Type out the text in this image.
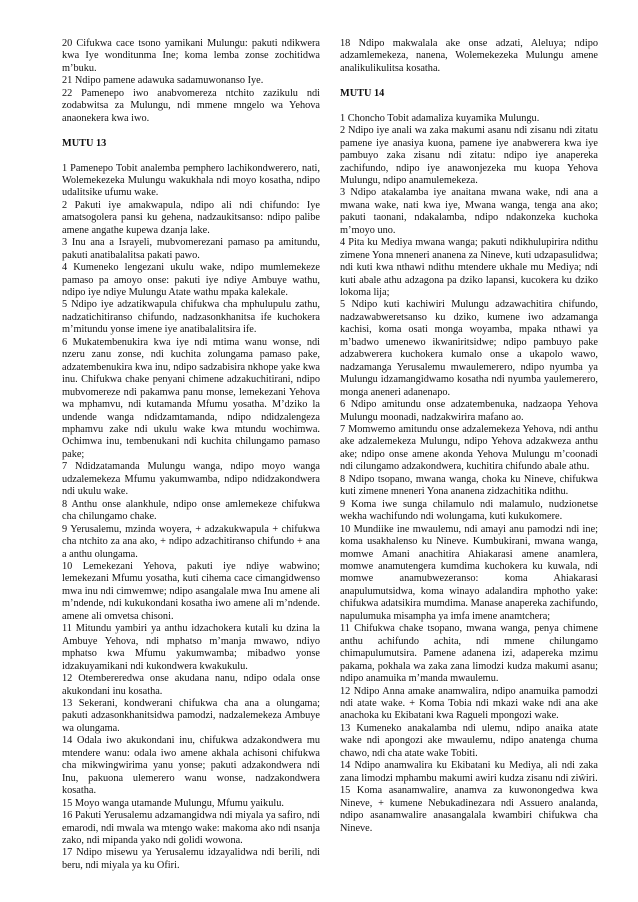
20 Cifukwa cace tsono yamikani Mulungu: pakuti ndikwera kwa Iye wonditunma Ine; koma lemba zonse zochitidwa m’buku.

21 Ndipo pamene adawuka sadamuwonanso Iye.

22 Pamenepo iwo anabvomereza ntchito zazikulu ndi zodabwitsa za Mulungu, ndi mmene mngelo wa Yehova anaonekera kwa iwo.

MUTU 13

1 Pamenepo Tobit analemba pemphero lachikondwerero, nati, Wolemekezeka Mulungu wakukhala ndi moyo kosatha, ndipo udalitsike ufumu wake.

2 Pakuti iye amakwapula, ndipo ali ndi chifundo: Iye amatsogolera pansi ku gehena, nadzaukitsanso: ndipo palibe amene angathe kupewa dzanja lake.

3 Inu ana a Israyeli, mubvomerezani pamaso pa amitundu, pakuti anatibalalitsa pakati pawo.

4 Kumeneko lengezani ukulu wake, ndipo mumlemekeze pamaso pa amoyo onse: pakuti iye ndiye Ambuye wathu, ndipo iye ndiye Mulungu Atate wathu mpaka kalekale.

5 Ndipo iye adzatikwapula chifukwa cha mphulupulu zathu, nadzatichitiranso chifundo, nadzasonkhanitsa ife kuchokera m’mitundu yonse imene iye anatibalalitsira ife.

6 Mukatembenukira kwa iye ndi mtima wanu wonse, ndi nzeru zanu zonse, ndi kuchita zolungama pamaso pake, adzatembenukira kwa inu, ndipo sadzabisira nkhope yake kwa inu. Chifukwa chake penyani chimene adzakuchitirani, ndipo mubvomereze ndi pakamwa panu monse, lemekezani Yehova wa mphamvu, ndi kutamanda Mfumu yosatha. M’dziko la undende wanga ndidzamtamanda, ndipo ndidzalengeza mphamvu zake ndi ukulu wake kwa mtundu wochimwa. Ochimwa inu, tembenukani ndi kuchita chilungamo pamaso pake;

7 Ndidzatamanda Mulungu wanga, ndipo moyo wanga udzalemekeza Mfumu yakumwamba, ndipo ndidzakondwera ndi ukulu wake.

8 Anthu onse alankhule, ndipo onse amlemekeze chifukwa cha chilungamo chake.

9 Yerusalemu, mzinda woyera, + adzakukwapula + chifukwa cha ntchito za ana ako, + ndipo adzachitiranso chifundo + ana a anthu olungama.

10 Lemekezani Yehova, pakuti iye ndiye wabwino; lemekezani Mfumu yosatha, kuti cihema cace cimangidwenso mwa inu ndi cimwemwe; ndipo asangalale mwa Inu amene ali m’ndende, ndi kukukondani kosatha iwo amene ali m’ndende. amene ali omvetsa chisoni.

11 Mitundu yambiri ya anthu idzachokera kutali ku dzina la Ambuye Yehova, ndi mphatso m’manja mwawo, ndiyo mphatso kwa Mfumu yakumwamba; mibadwo yonse idzakuyamikani ndi kukondwera kwakukulu.

12 Otembereredwa onse akudana nanu, ndipo odala onse akukondani inu kosatha.

13 Sekerani, kondwerani chifukwa cha ana a olungama; pakuti adzasonkhanitsidwa pamodzi, nadzalemekeza Ambuye wa olungama.

14 Odala iwo akukondani inu, chifukwa adzakondwera mu mtendere wanu: odala iwo amene akhala achisoni chifukwa cha mikwingwirima yanu yonse; pakuti adzakondwera ndi Inu, pakuona ulemerero wanu wonse, nadzakondwera kosatha.

15 Moyo wanga utamande Mulungu, Mfumu yaikulu.

16 Pakuti Yerusalemu adzamangidwa ndi miyala ya safiro, ndi emarodi, ndi mwala wa mtengo wake: makoma ako ndi nsanja zako, ndi mipanda yako ndi golidi wowona.

17 Ndipo misewu ya Yerusalemu idzayalidwa ndi berili, ndi beru, ndi miyala ya ku Ofiri.

18 Ndipo makwalala ake onse adzati, Aleluya; ndipo adzamlemekeza, nanena, Wolemekezeka Mulungu amene analikulikulitsa kosatha.

MUTU 14

1 Choncho Tobit adamaliza kuyamika Mulungu.

2 Ndipo iye anali wa zaka makumi asanu ndi zisanu ndi zitatu pamene iye anasiya kuona, pamene iye anabwerera kwa iye pambuyo zaka zisanu ndi zitatu: ndipo iye anapereka zachifundo, ndipo iye anawonjezeka mu kuopa Yehova Mulungu, ndipo anamulemekeza.

3 Ndipo atakalamba iye anaitana mwana wake, ndi ana a mwana wake, nati kwa iye, Mwana wanga, tenga ana ako; pakuti taonani, ndakalamba, ndipo ndakonzeka kuchoka m’moyo uno.

4 Pita ku Mediya mwana wanga; pakuti ndikhulupirira ndithu zimene Yona mneneri ananena za Nineve, kuti udzapasulidwa; ndi kuti kwa nthawi ndithu mtendere ukhale mu Mediya; ndi kuti abale athu adzagona pa dziko lapansi, kucokera ku dziko lokoma lija;

5 Ndipo kuti kachiwiri Mulungu adzawachitira chifundo, nadzawabweretsanso ku dziko, kumene iwo adzamanga kachisi, koma osati monga woyamba, mpaka nthawi ya m’badwo umenewo ikwaniritsidwe; ndipo pambuyo pake adzabwerera kuchokera kumalo onse a ukapolo wawo, nadzamanga Yerusalemu mwaulemerero, ndipo nyumba ya Mulungu idzamangidwamo kosatha ndi nyumba yaulemerero, monga aneneri adanenapo.

6 Ndipo amitundu onse adzatembenuka, nadzaopa Yehova Mulungu moonadi, nadzakwirira mafano ao.

7 Momwemo amitundu onse adzalemekeza Yehova, ndi anthu ake adzalemekeza Mulungu, ndipo Yehova adzakweza anthu ake; ndipo onse amene akonda Yehova Mulungu m’coonadi ndi cilungamo adzakondwera, kuchitira chifundo abale athu.

8 Ndipo tsopano, mwana wanga, choka ku Nineve, chifukwa kuti zimene mneneri Yona ananena zidzachitika ndithu.

9 Koma iwe sunga chilamulo ndi malamulo, nudzionetse wekha wachifundo ndi wolungama, kuti kukukomere.

10 Mundiike ine mwaulemu, ndi amayi anu pamodzi ndi ine; koma usakhalenso ku Nineve. Kumbukirani, mwana wanga, momwe Amani anachitira Ahiakarasi amene anamlera, momwe anamutengera kumdima kuchokera ku kuwala, ndi momwe anamubwezeranso: koma Ahiakarasi anapulumutsidwa, koma winayo adalandira mphotho yake: chifukwa adatsikira mumdima. Manase anaperekа zachifundo, napulumuka misampha ya imfa imene anamtchera;

11 Chifukwa chake tsopano, mwana wanga, penya chimene anthu achifundo achita, ndi mmene chilungamo chimapulumutsira. Pamene adanena izi, adapereka mzimu pakama, pokhala wa zaka zana limodzi kudza makumi asanu; ndipo anamuika m’manda mwaulemu.

12 Ndipo Anna amake anamwalira, ndipo anamuika pamodzi ndi atate wake. + Koma Tobia ndi mkazi wake ndi ana ake anachoka ku Ekibatani kwa Ragueli mpongozi wake.

13 Kumeneko anakalamba ndi ulemu, ndipo anaika atate wake ndi apongozi ake mwaulemu, ndipo anatenga chuma chawo, ndi cha atate wake Tobiti.

14 Ndipo anamwalira ku Ekibatani ku Mediya, ali ndi zaka zana limodzi mphambu makumi awiri kudza zisanu ndi ziŵiri.

15 Koma asanamwalire, anamva za kuwonongedwa kwa Nineve, + kumene Nebukadinezara ndi Assuero analanda, ndipo asanamwalire anasangalala kwambiri chifukwa cha Nineve.
